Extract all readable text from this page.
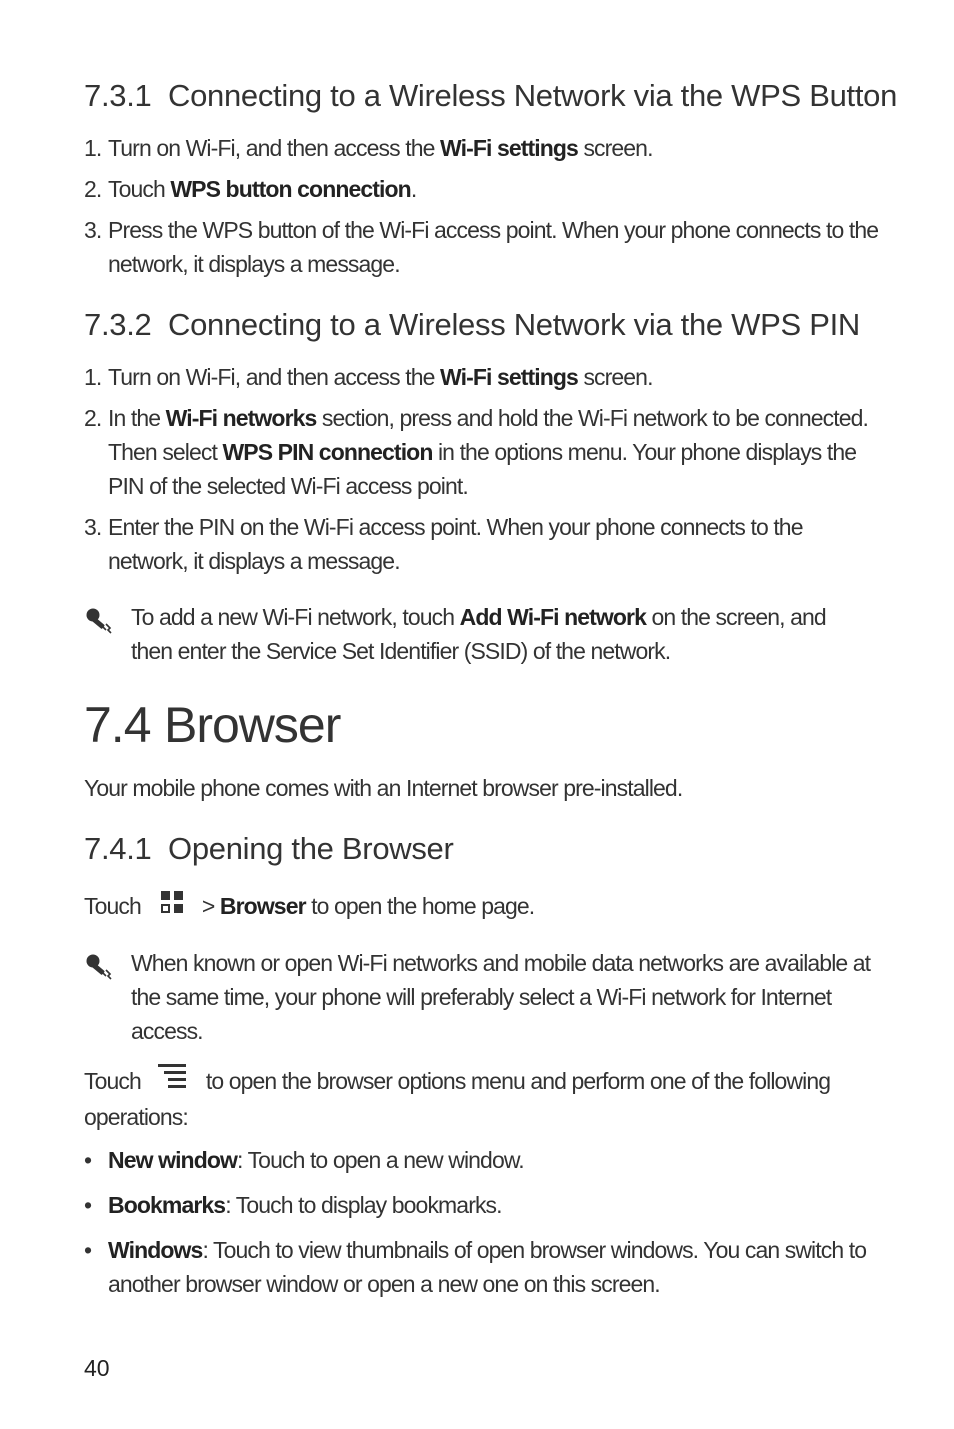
7.3.1 Connecting to a Wireless Network via the WPS Button
1. Turn on Wi-Fi, and then access the Wi-Fi settings screen.
2. Touch WPS button connection.
3. Press the WPS button of the Wi-Fi access point. When your phone connects to the network, it displays a message.
7.3.2 Connecting to a Wireless Network via the WPS PIN
1. Turn on Wi-Fi, and then access the Wi-Fi settings screen.
2. In the Wi-Fi networks section, press and hold the Wi-Fi network to be connected. Then select WPS PIN connection in the options menu. Your phone displays the PIN of the selected Wi-Fi access point.
3. Enter the PIN on the Wi-Fi access point. When your phone connects to the network, it displays a message.
To add a new Wi-Fi network, touch Add Wi-Fi network on the screen, and then enter the Service Set Identifier (SSID) of the network.
7.4 Browser
Your mobile phone comes with an Internet browser pre-installed.
7.4.1 Opening the Browser
Touch	> Browser to open the home page.
When known or open Wi-Fi networks and mobile data networks are available at the same time, your phone will preferably select a Wi-Fi network for Internet access.
Touch	to open the browser options menu and perform one of the following operations:
• New window: Touch to open a new window.
• Bookmarks: Touch to display bookmarks.
• Windows: Touch to view thumbnails of open browser windows. You can switch to another browser window or open a new one on this screen.
40
